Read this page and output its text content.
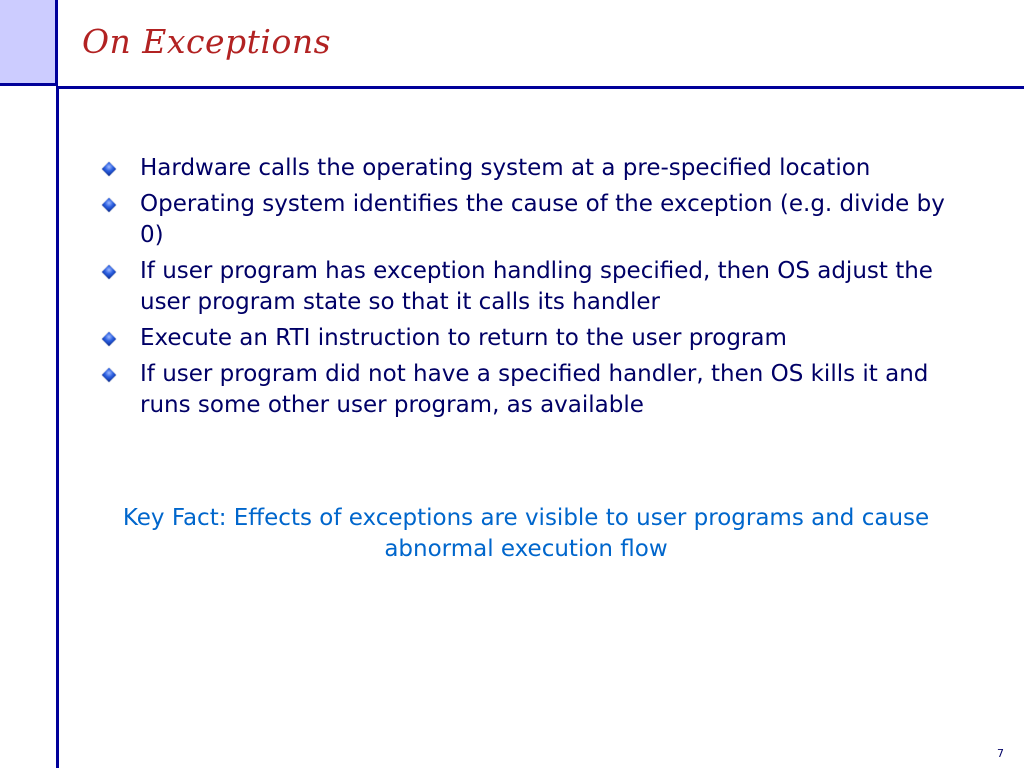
On Exceptions
Hardware calls the operating system at a pre-specified location
Operating system identifies the cause of the exception (e.g. divide by 0)
If user program has exception handling specified, then OS adjust the user program state so that it calls its handler
Execute an RTI instruction to return to the user program
If user program did not have a specified handler, then OS kills it and runs some other user program, as available
Key Fact: Effects of exceptions are visible to user programs and cause abnormal execution flow
7
